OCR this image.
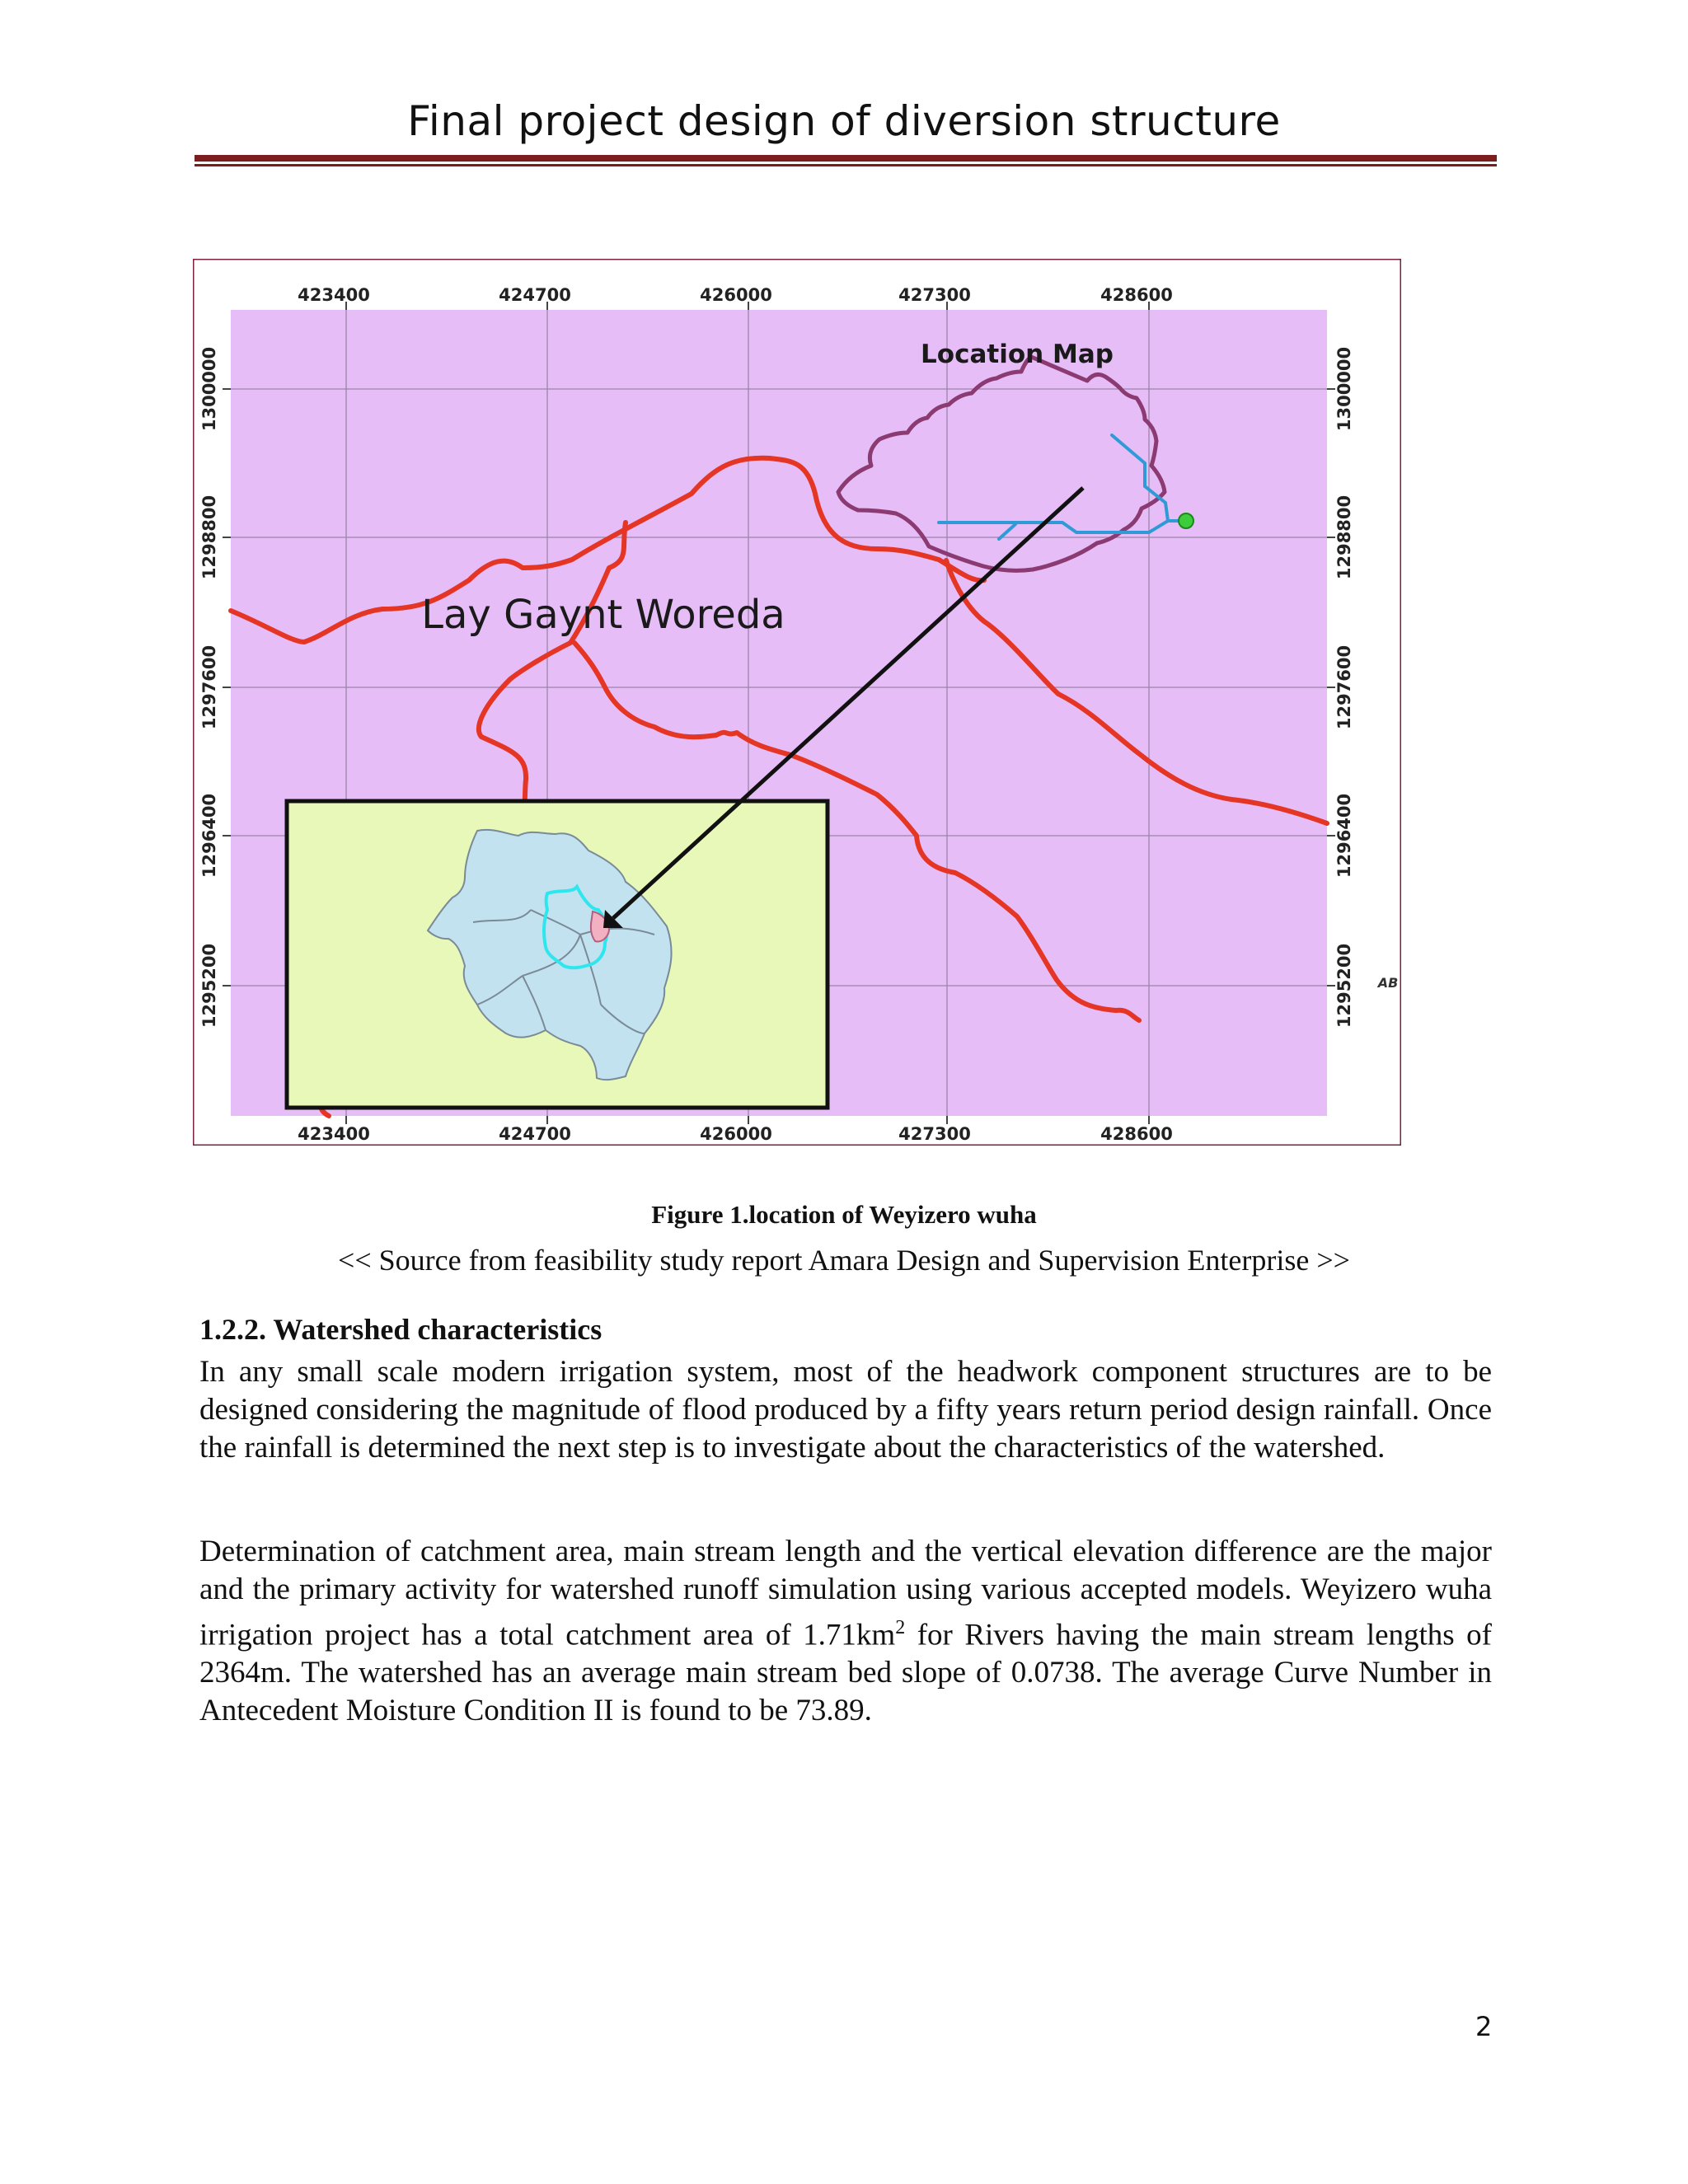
Final project design of diversion structure
423400	424700	426000	427300	428600
423400	424700	426000	427300	428600
1300000
1298800
1297600
1296400
1295200
1300000
1298800
1297600
1296400
1295200
Location Map
Lay Gaynt Woreda
AB
Figure 1.location of Weyizero wuha
<< Source from feasibility study report Amara Design and Supervision Enterprise >>
1.2.2. Watershed characteristics
In any small scale modern irrigation system, most of the headwork component structures are to be designed considering the magnitude of flood produced by a fifty years return period design rainfall. Once the rainfall is determined the next step is to investigate about the characteristics of the watershed.
Determination of catchment area, main stream length and the vertical elevation difference are the major and the primary activity for watershed runoff simulation using various accepted models. Weyizero wuha irrigation project has a total catchment area of $1.71km^2$ for Rivers having the main stream lengths of 2364m. The watershed has an average main stream bed slope of 0.0738. The average Curve Number in Antecedent Moisture Condition II is found to be 73.89.
2
